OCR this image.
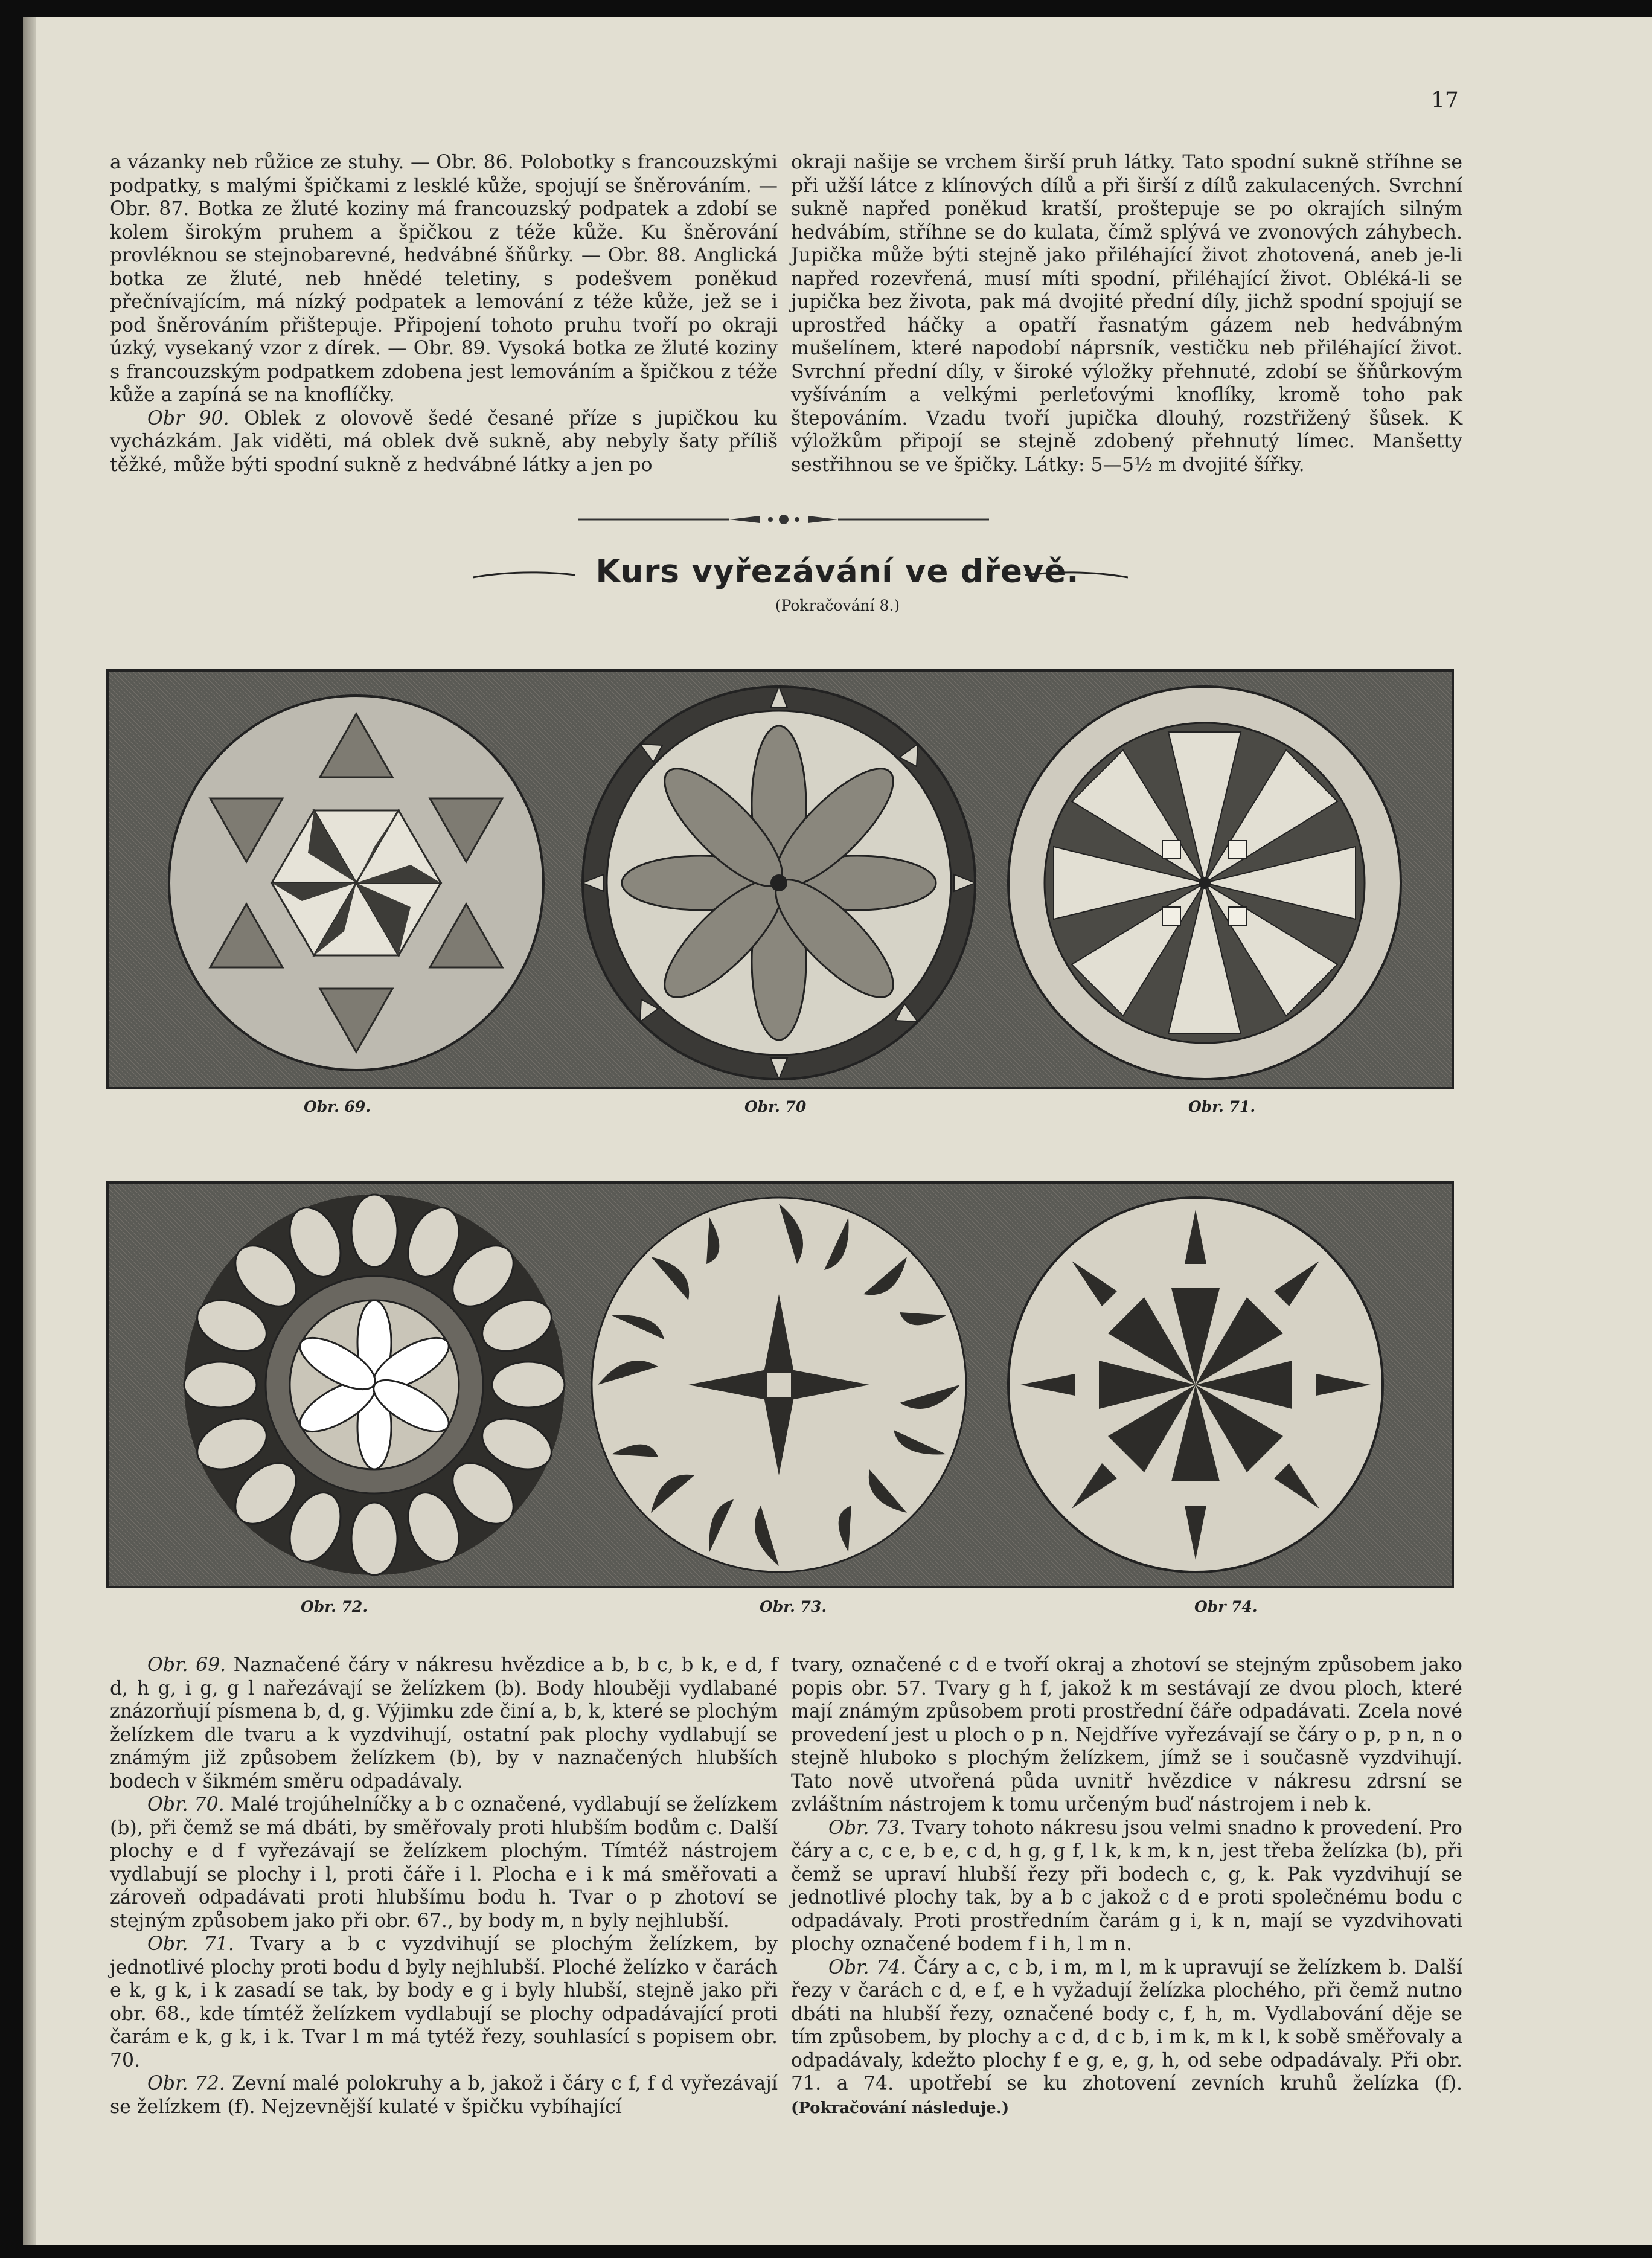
17

a vázanky neb růžice ze stuhy. — Obr. 86. Polobotky s francouzskými podpatky, s malými špičkami z lesklé kůže, spojují se šněrováním. — Obr. 87. Botka ze žluté koziny má francouzský podpatek a zdobí se kolem širokým pruhem a špičkou z téže kůže. Ku šněrování provléknou se stejnobarevné, hedvábné šňůrky. — Obr. 88. Anglická botka ze žluté, neb hnědé teletiny, s podešvem poněkud přečnívajícím, má nízký podpatek a lemování z téže kůže, jež se i pod šněrováním přištepuje. Připojení tohoto pruhu tvoří po okraji úzký, vysekaný vzor z dírek. — Obr. 89. Vysoká botka ze žluté koziny s francouzským podpatkem zdobena jest lemováním a špičkou z téže kůže a zapíná se na knoflíčky.

Obr 90. Oblek z olovově šedé česané příze s jupičkou ku vycházkám. Jak viděti, má oblek dvě sukně, aby nebyly šaty příliš těžké, může býti spodní sukně z hedvábné látky a jen po

okraji našije se vrchem širší pruh látky. Tato spodní sukně stříhne se při užší látce z klínových dílů a při širší z dílů zakulacených. Svrchní sukně napřed poněkud kratší, proštepuje se po okrajích silným hedvábím, stříhne se do kulata, čímž splývá ve zvonových záhybech. Jupička může býti stejně jako přiléhající život zhotovená, aneb je-li napřed rozevřená, musí míti spodní, přiléhající život. Obléká-li se jupička bez života, pak má dvojité přední díly, jichž spodní spojují se uprostřed háčky a opatří řasnatým gázem neb hedvábným mušelínem, které napodobí náprsník, vestičku neb přiléhající život. Svrchní přední díly, v široké výložky přehnuté, zdobí se šňůrkovým vyšíváním a velkými perleťovými knoflíky, kromě toho pak štepováním. Vzadu tvoří jupička dlouhý, rozstřižený šůsek. K výložkům připojí se stejně zdobený přehnutý límec. Manšetty sestřihnou se ve špičky. Látky: 5—5½ m dvojité šířky.

Kurs vyřezávání ve dřevě.
(Pokračování 8.)
Obr. 69.	Obr. 70	Obr. 71.
Obr. 72.	Obr. 73.	Obr 74.

Obr. 69. Naznačené čáry v nákresu hvězdice a b, b c, b k, e d, f d, h g, i g, g l nařezávají se želízkem (b). Body hlouběji vydlabané znázorňují písmena b, d, g. Výjimku zde činí a, b, k, které se plochým želízkem dle tvaru a k vyzdvihují, ostatní pak plochy vydlabují se známým již způsobem želízkem (b), by v naznačených hlubších bodech v šikmém směru odpadávaly.

Obr. 70. Malé trojúhelníčky a b c označené, vydlabují se želízkem (b), při čemž se má dbáti, by směřovaly proti hlubším bodům c. Další plochy e d f vyřezávají se želízkem plochým. Tímtéž nástrojem vydlabují se plochy i l, proti čáře i l. Plocha e i k má směřovati a zároveň odpadávati proti hlubšímu bodu h. Tvar o p zhotoví se stejným způsobem jako při obr. 67., by body m, n byly nejhlubší.

Obr. 71. Tvary a b c vyzdvihují se plochým želízkem, by jednotlivé plochy proti bodu d byly nejhlubší. Ploché želízko v čarách e k, g k, i k zasadí se tak, by body e g i byly hlubší, stejně jako při obr. 68., kde tímtéž želízkem vydlabují se plochy odpadávající proti čarám e k, g k, i k. Tvar l m má tytéž řezy, souhlasící s popisem obr. 70.

Obr. 72. Zevní malé polokruhy a b, jakož i čáry c f, f d vyřezávají se želízkem (f). Nejzevnější kulaté v špičku vybíhající

tvary, označené c d e tvoří okraj a zhotoví se stejným způsobem jako popis obr. 57. Tvary g h f, jakož k m sestávají ze dvou ploch, které mají známým způsobem proti prostřední čáře odpadávati. Zcela nové provedení jest u ploch o p n. Nejdříve vyřezávají se čáry o p, p n, n o stejně hluboko s plochým želízkem, jímž se i současně vyzdvihují. Tato nově utvořená půda uvnitř hvězdice v nákresu zdrsní se zvláštním nástrojem k tomu určeným buď nástrojem i neb k.

Obr. 73. Tvary tohoto nákresu jsou velmi snadno k provedení. Pro čáry a c, c e, b e, c d, h g, g f, l k, k m, k n, jest třeba želízka (b), při čemž se upraví hlubší řezy při bodech c, g, k. Pak vyzdvihují se jednotlivé plochy tak, by a b c jakož c d e proti společnému bodu c odpadávaly. Proti prostředním čarám g i, k n, mají se vyzdvihovati plochy označené bodem f i h, l m n.

Obr. 74. Čáry a c, c b, i m, m l, m k upravují se želízkem b. Další řezy v čarách c d, e f, e h vyžadují želízka plochého, při čemž nutno dbáti na hlubší řezy, označené body c, f, h, m. Vydlabování děje se tím způsobem, by plochy a c d, d c b, i m k, m k l, k sobě směřovaly a odpadávaly, kdežto plochy f e g, e, g, h, od sebe odpadávaly. Při obr. 71. a 74. upotřebí se ku zhotovení zevních kruhů želízka (f). (Pokračování následuje.)
